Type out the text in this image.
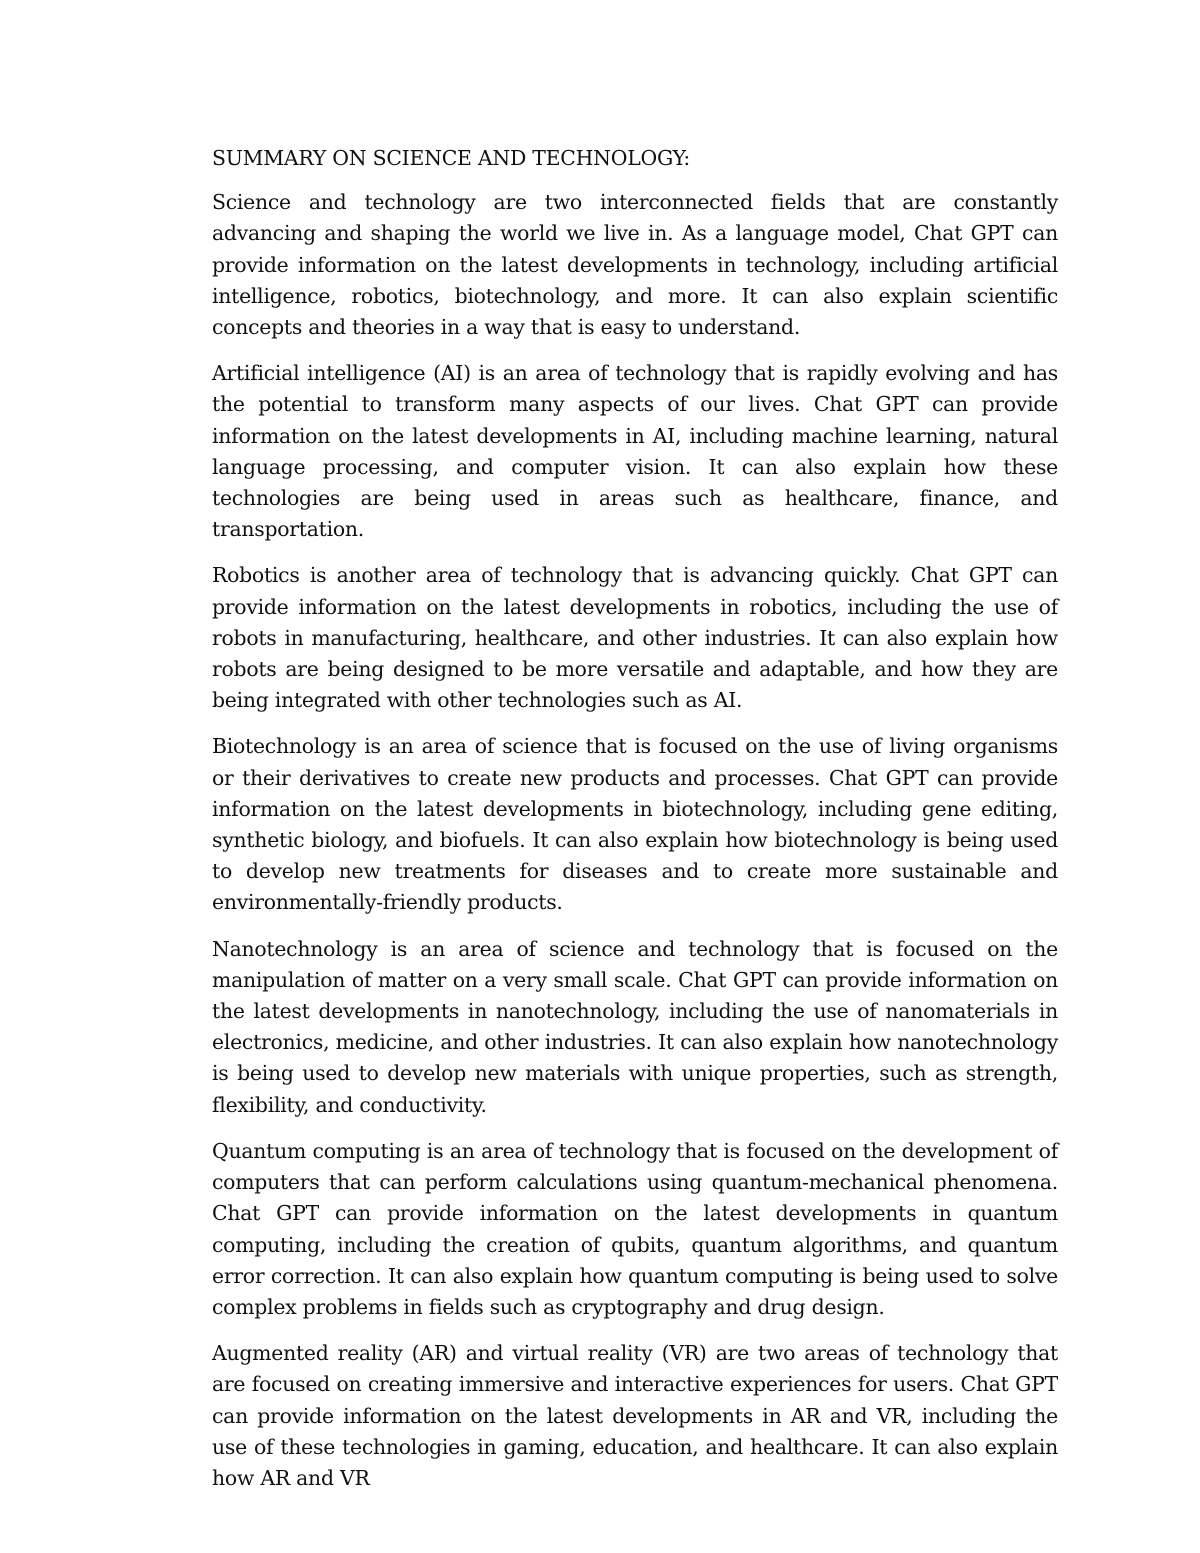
SUMMARY ON SCIENCE AND TECHNOLOGY:

Science and technology are two interconnected fields that are constantly advancing and shaping the world we live in. As a language model, Chat GPT can provide information on the latest developments in technology, including artificial intelligence, robotics, biotechnology, and more. It can also explain scientific concepts and theories in a way that is easy to understand.

Artificial intelligence (AI) is an area of technology that is rapidly evolving and has the potential to transform many aspects of our lives. Chat GPT can provide information on the latest developments in AI, including machine learning, natural language processing, and computer vision. It can also explain how these technologies are being used in areas such as healthcare, finance, and transportation.

Robotics is another area of technology that is advancing quickly. Chat GPT can provide information on the latest developments in robotics, including the use of robots in manufacturing, healthcare, and other industries. It can also explain how robots are being designed to be more versatile and adaptable, and how they are being integrated with other technologies such as AI.

Biotechnology is an area of science that is focused on the use of living organisms or their derivatives to create new products and processes. Chat GPT can provide information on the latest developments in biotechnology, including gene editing, synthetic biology, and biofuels. It can also explain how biotechnology is being used to develop new treatments for diseases and to create more sustainable and environmentally-friendly products.

Nanotechnology is an area of science and technology that is focused on the manipulation of matter on a very small scale. Chat GPT can provide information on the latest developments in nanotechnology, including the use of nanomaterials in electronics, medicine, and other industries. It can also explain how nanotechnology is being used to develop new materials with unique properties, such as strength, flexibility, and conductivity.

Quantum computing is an area of technology that is focused on the development of computers that can perform calculations using quantum-mechanical phenomena. Chat GPT can provide information on the latest developments in quantum computing, including the creation of qubits, quantum algorithms, and quantum error correction. It can also explain how quantum computing is being used to solve complex problems in fields such as cryptography and drug design.

Augmented reality (AR) and virtual reality (VR) are two areas of technology that are focused on creating immersive and interactive experiences for users. Chat GPT can provide information on the latest developments in AR and VR, including the use of these technologies in gaming, education, and healthcare. It can also explain how AR and VR
